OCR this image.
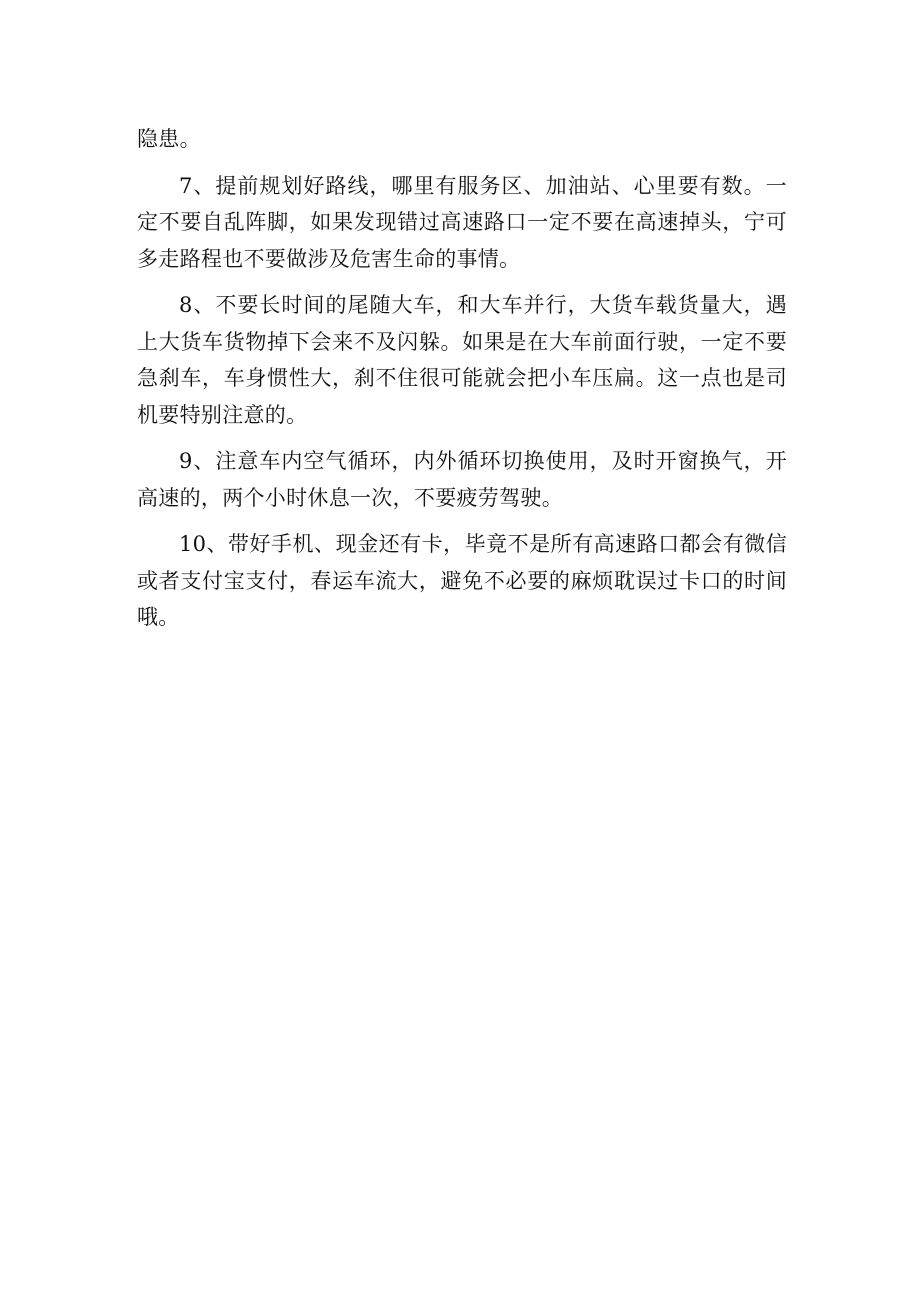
隐患。

7、提前规划好路线，哪里有服务区、加油站、心里要有数。一定不要自乱阵脚，如果发现错过高速路口一定不要在高速掉头，宁可多走路程也不要做涉及危害生命的事情。

8、不要长时间的尾随大车，和大车并行，大货车载货量大，遇上大货车货物掉下会来不及闪躲。如果是在大车前面行驶，一定不要急刹车，车身惯性大，刹不住很可能就会把小车压扁。这一点也是司机要特别注意的。

9、注意车内空气循环，内外循环切换使用，及时开窗换气，开高速的，两个小时休息一次，不要疲劳驾驶。

10、带好手机、现金还有卡，毕竟不是所有高速路口都会有微信或者支付宝支付，春运车流大，避免不必要的麻烦耽误过卡口的时间哦。
